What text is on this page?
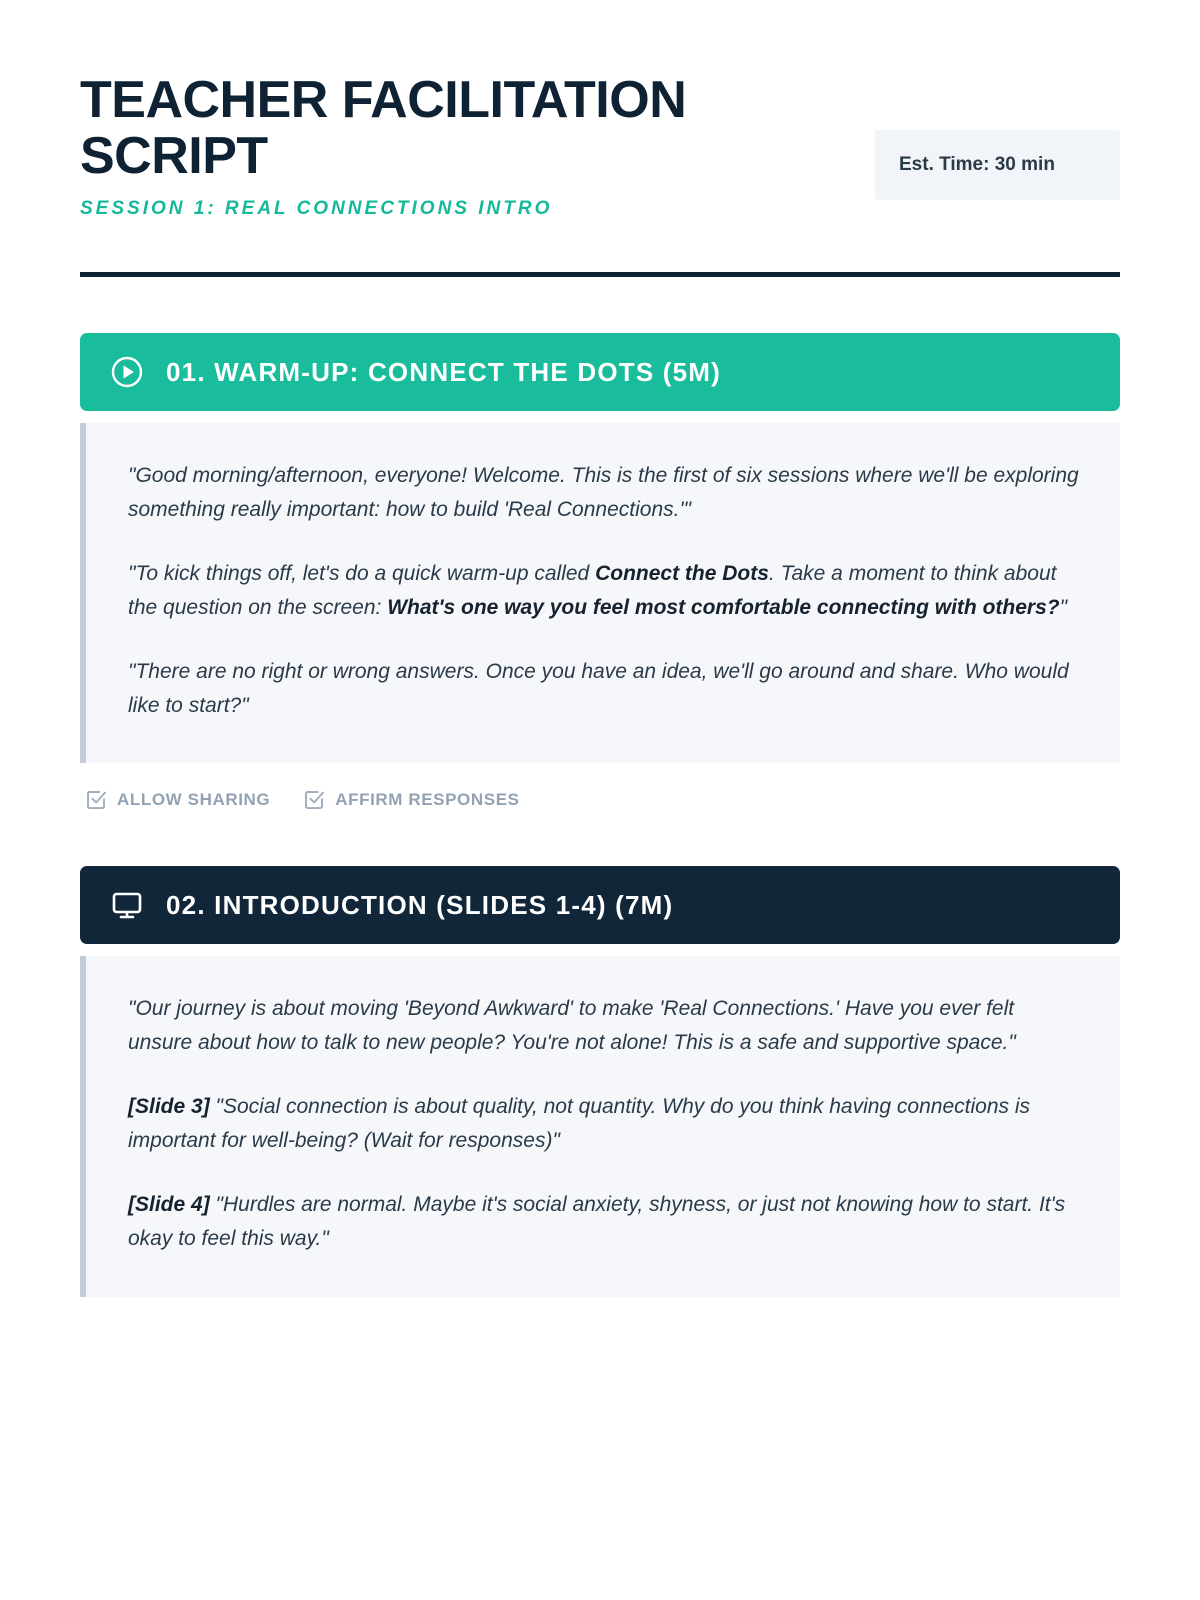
TEACHER FACILITATION SCRIPT
SESSION 1: REAL CONNECTIONS INTRO
Est. Time: 30 min
01. WARM-UP: CONNECT THE DOTS (5M)

"Good morning/afternoon, everyone! Welcome. This is the first of six sessions where we'll be exploring something really important: how to build 'Real Connections.'"

"To kick things off, let's do a quick warm-up called Connect the Dots. Take a moment to think about the question on the screen: What's one way you feel most comfortable connecting with others?"

"There are no right or wrong answers. Once you have an idea, we'll go around and share. Who would like to start?"

ALLOW SHARING	AFFIRM RESPONSES
02. INTRODUCTION (SLIDES 1-4) (7M)

"Our journey is about moving 'Beyond Awkward' to make 'Real Connections.' Have you ever felt unsure about how to talk to new people? You're not alone! This is a safe and supportive space."

[Slide 3] "Social connection is about quality, not quantity. Why do you think having connections is important for well-being? (Wait for responses)"

[Slide 4] "Hurdles are normal. Maybe it's social anxiety, shyness, or just not knowing how to start. It's okay to feel this way."
